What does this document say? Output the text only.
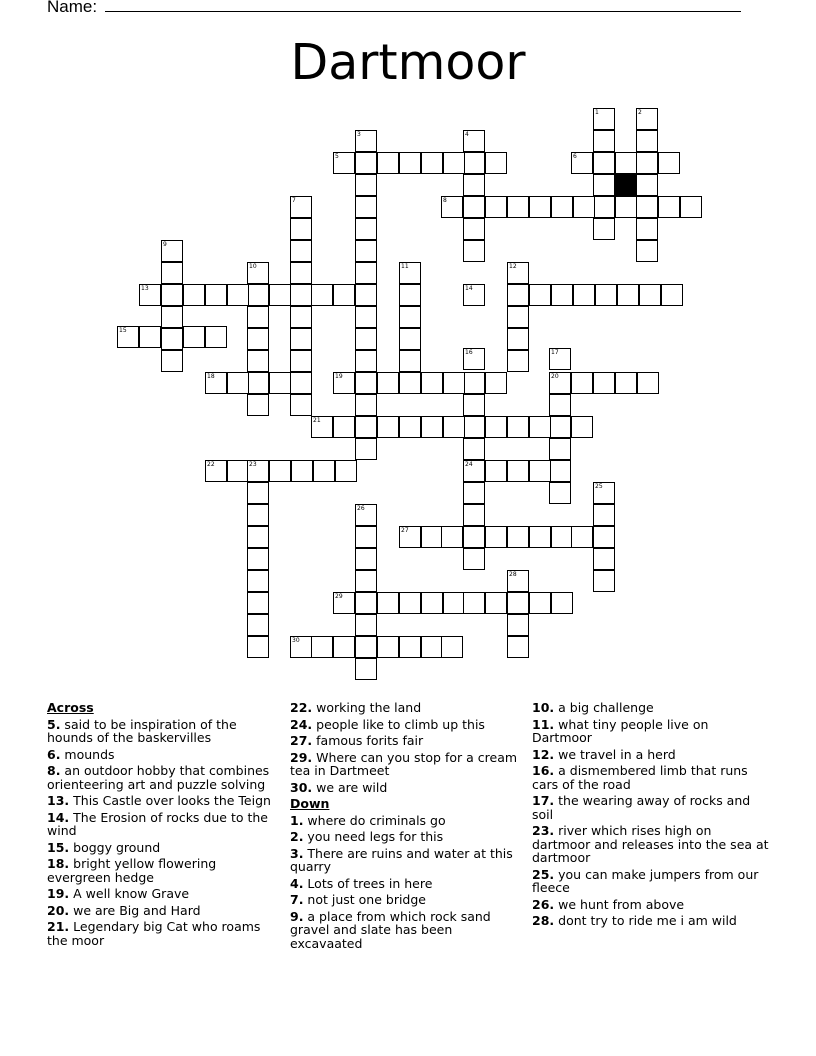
Name:
Dartmoor
1	2
3	4
5	6
7	8
9
10	11	12
13	14
15
16	17
18	19	20
21
22	23	24
25
26
27
28
29
30
Across
5. said to be inspiration of the hounds of the baskervilles
6. mounds
8. an outdoor hobby that combines orienteering art and puzzle solving
13. This Castle over looks the Teign
14. The Erosion of rocks due to the wind
15. boggy ground
18. bright yellow flowering evergreen hedge
19. A well know Grave
20. we are Big and Hard
21. Legendary big Cat who roams the moor
22. working the land
24. people like to climb up this
27. famous forits fair
29. Where can you stop for a cream tea in Dartmeet
30. we are wild
Down
1. where do criminals go
2. you need legs for this
3. There are ruins and water at this quarry
4. Lots of trees in here
7. not just one bridge
9. a place from which rock sand gravel and slate has been excavaated
10. a big challenge
11. what tiny people live on Dartmoor
12. we travel in a herd
16. a dismembered limb that runs cars of the road
17. the wearing away of rocks and soil
23. river which rises high on dartmoor and releases into the sea at dartmoor
25. you can make jumpers from our fleece
26. we hunt from above
28. dont try to ride me i am wild
